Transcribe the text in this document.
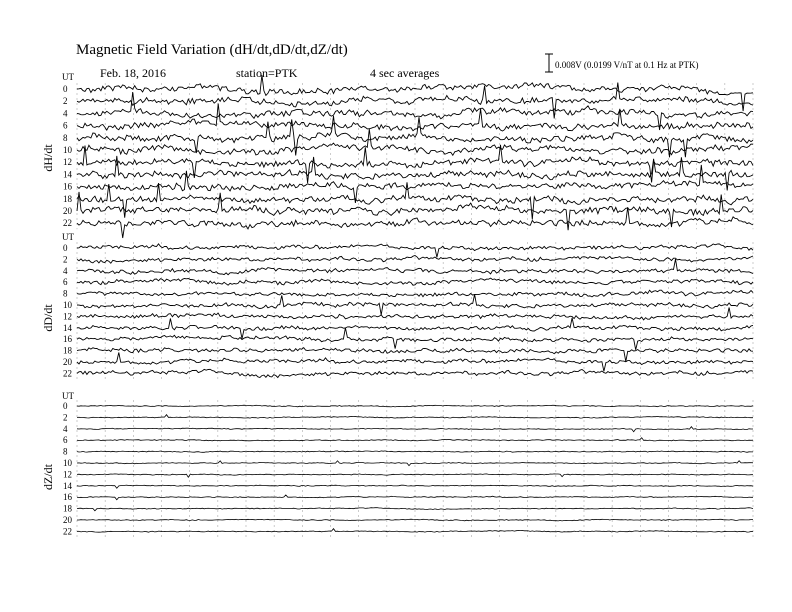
Magnetic Field Variation (dH/dt,dD/dt,dZ/dt)
Feb. 18, 2016	station=PTK	4 sec averages
0.008V (0.0199 V/nT at 0.1 Hz at PTK)
UT
dH/dt
0
2
4
6
8
10
12
14
16
18
20
22
UT
dD/dt
0
2
4
6
8
10
12
14
16
18
20
22
UT
dZ/dt
0
2
4
6
8
10
12
14
16
18
20
22
